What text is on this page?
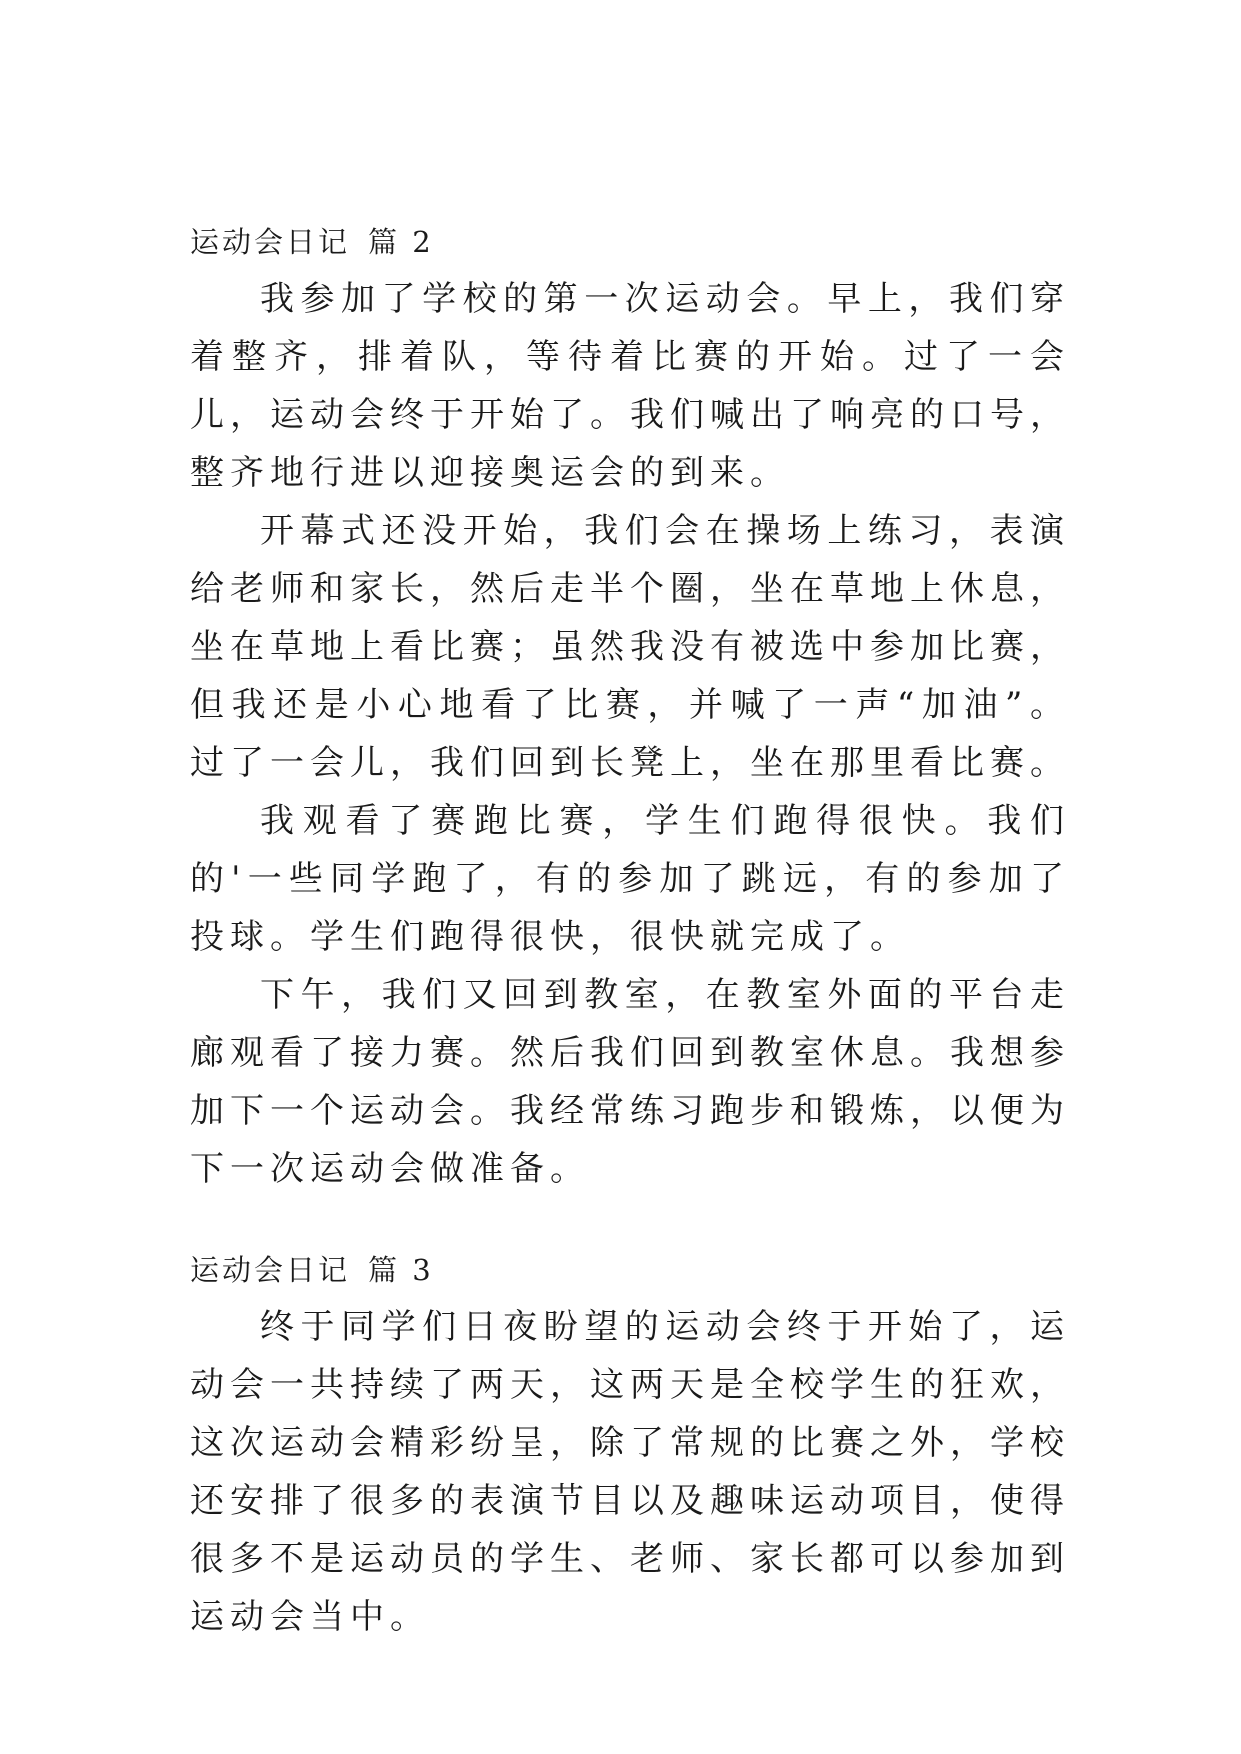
运动会日记 篇 2

我参加了学校的第一次运动会。早上，我们穿着整齐，排着队，等待着比赛的开始。过了一会儿，运动会终于开始了。我们喊出了响亮的口号，整齐地行进以迎接奥运会的到来。

开幕式还没开始，我们会在操场上练习，表演给老师和家长，然后走半个圈，坐在草地上休息，坐在草地上看比赛；虽然我没有被选中参加比赛，但我还是小心地看了比赛，并喊了一声“加油”。过了一会儿，我们回到长凳上，坐在那里看比赛。

我观看了赛跑比赛，学生们跑得很快。我们的'一些同学跑了，有的参加了跳远，有的参加了投球。学生们跑得很快，很快就完成了。

下午，我们又回到教室，在教室外面的平台走廊观看了接力赛。然后我们回到教室休息。我想参加下一个运动会。我经常练习跑步和锻炼，以便为下一次运动会做准备。

运动会日记 篇 3

终于同学们日夜盼望的运动会终于开始了，运动会一共持续了两天，这两天是全校学生的狂欢，这次运动会精彩纷呈，除了常规的比赛之外，学校还安排了很多的表演节目以及趣味运动项目，使得很多不是运动员的学生、老师、家长都可以参加到运动会当中。
